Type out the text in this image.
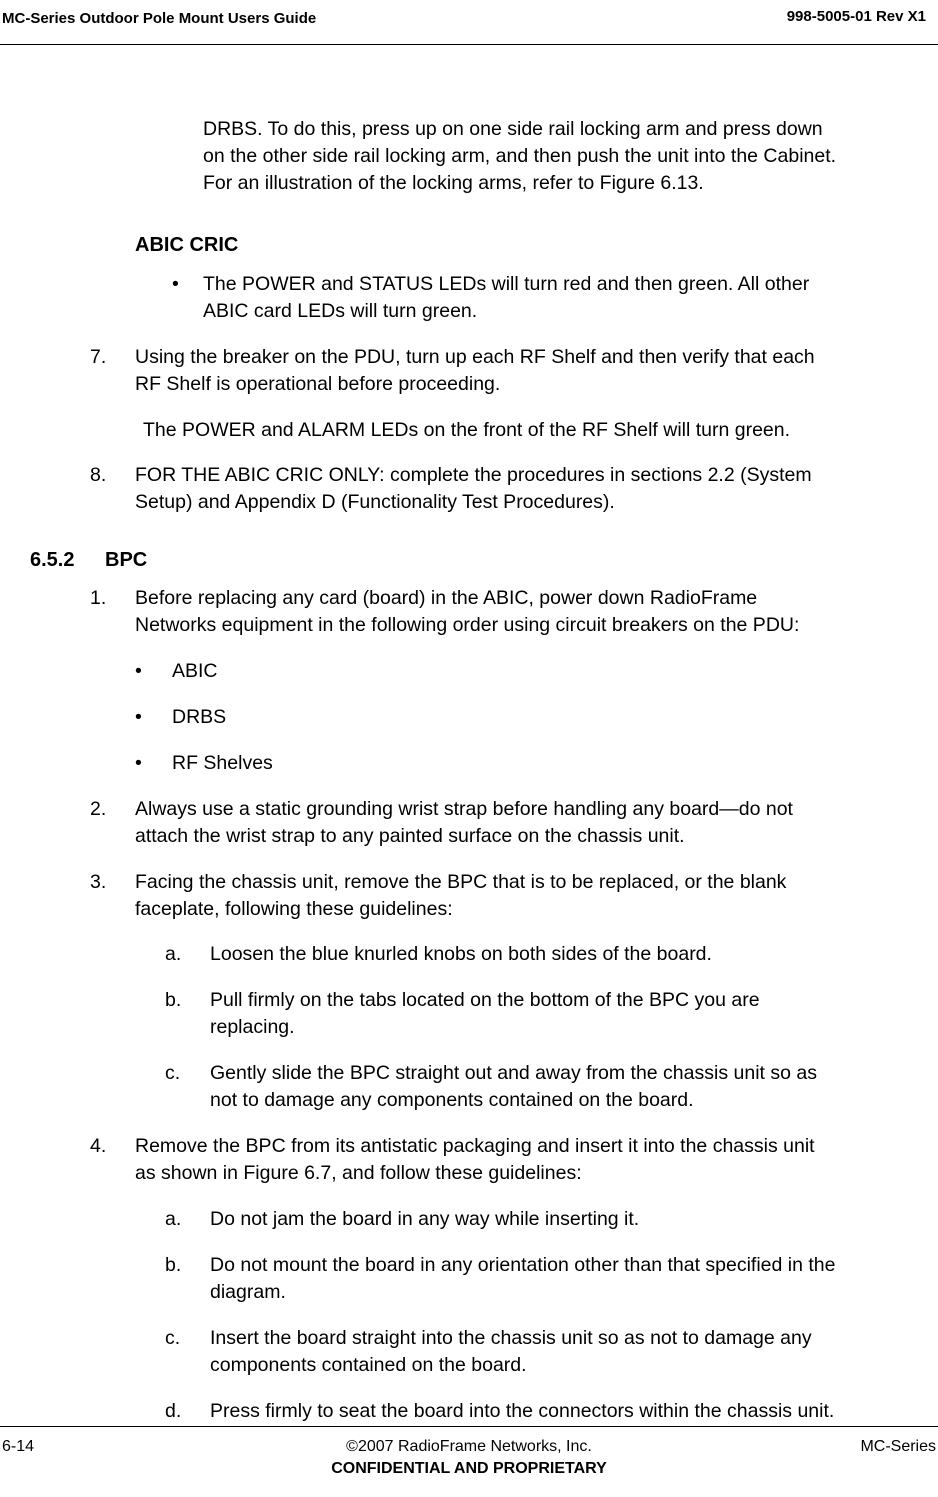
MC-Series Outdoor Pole Mount Users Guide	998-5005-01 Rev X1
DRBS. To do this, press up on one side rail locking arm and press down
on the other side rail locking arm, and then push the unit into the Cabinet.
For an illustration of the locking arms, refer to Figure 6.13.
ABIC CRIC
• The POWER and STATUS LEDs will turn red and then green. All other
ABIC card LEDs will turn green.
7. Using the breaker on the PDU, turn up each RF Shelf and then verify that each
RF Shelf is operational before proceeding.
The POWER and ALARM LEDs on the front of the RF Shelf will turn green.
8. FOR THE ABIC CRIC ONLY: complete the procedures in sections 2.2 (System
Setup) and Appendix D (Functionality Test Procedures).
6.5.2 BPC
1. Before replacing any card (board) in the ABIC, power down RadioFrame
Networks equipment in the following order using circuit breakers on the PDU:
• ABIC
• DRBS
• RF Shelves
2. Always use a static grounding wrist strap before handling any board—do not
attach the wrist strap to any painted surface on the chassis unit.
3. Facing the chassis unit, remove the BPC that is to be replaced, or the blank
faceplate, following these guidelines:
a. Loosen the blue knurled knobs on both sides of the board.
b. Pull firmly on the tabs located on the bottom of the BPC you are
replacing.
c. Gently slide the BPC straight out and away from the chassis unit so as
not to damage any components contained on the board.
4. Remove the BPC from its antistatic packaging and insert it into the chassis unit
as shown in Figure 6.7, and follow these guidelines:
a. Do not jam the board in any way while inserting it.
b. Do not mount the board in any orientation other than that specified in the
diagram.
c. Insert the board straight into the chassis unit so as not to damage any
components contained on the board.
d. Press firmly to seat the board into the connectors within the chassis unit.
6-14	©2007 RadioFrame Networks, Inc.
CONFIDENTIAL AND PROPRIETARY
MC-Series
